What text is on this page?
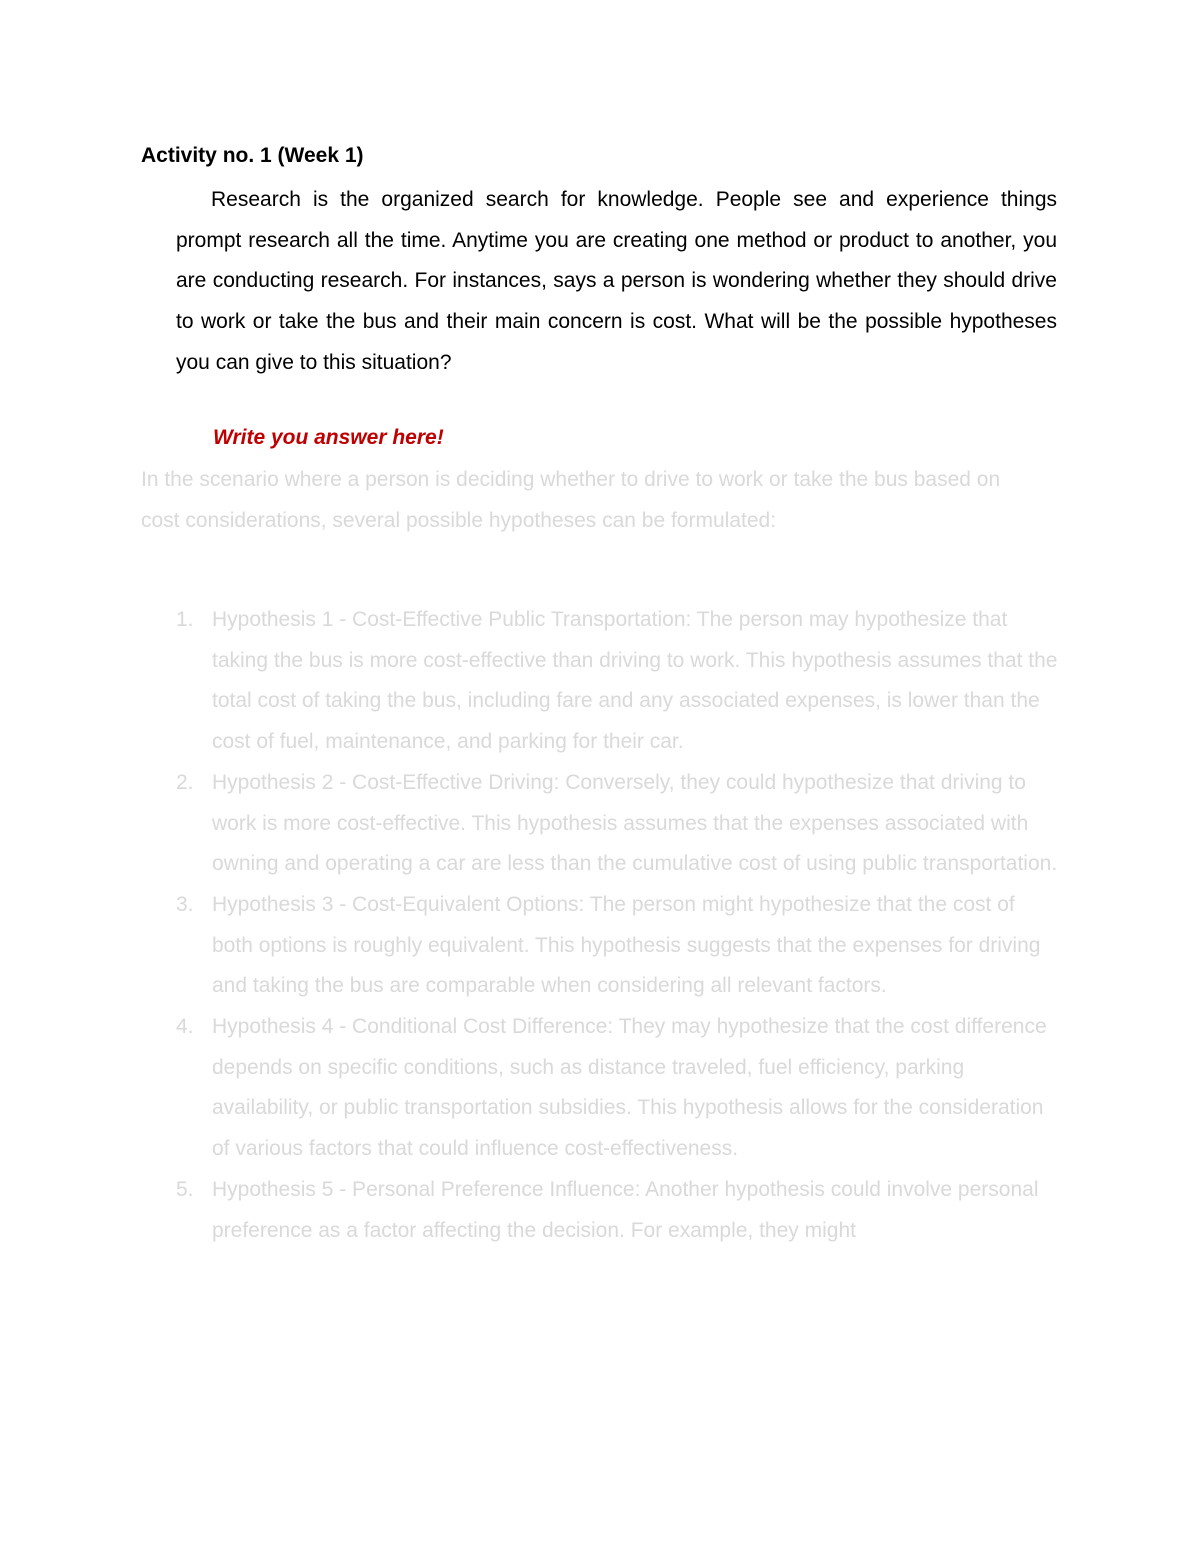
Activity no. 1 (Week 1)

Research is the organized search for knowledge. People see and experience things prompt research all the time. Anytime you are creating one method or product to another, you are conducting research. For instances, says a person is wondering whether they should drive to work or take the bus and their main concern is cost. What will be the possible hypotheses you can give to this situation?

Write you answer here!

In the scenario where a person is deciding whether to drive to work or take the bus based on cost considerations, several possible hypotheses can be formulated:

1. Hypothesis 1 - Cost-Effective Public Transportation: The person may hypothesize that taking the bus is more cost-effective than driving to work. This hypothesis assumes that the total cost of taking the bus, including fare and any associated expenses, is lower than the cost of fuel, maintenance, and parking for their car.
2. Hypothesis 2 - Cost-Effective Driving: Conversely, they could hypothesize that driving to work is more cost-effective. This hypothesis assumes that the expenses associated with owning and operating a car are less than the cumulative cost of using public transportation.
3. Hypothesis 3 - Cost-Equivalent Options: The person might hypothesize that the cost of both options is roughly equivalent. This hypothesis suggests that the expenses for driving and taking the bus are comparable when considering all relevant factors.
4. Hypothesis 4 - Conditional Cost Difference: They may hypothesize that the cost difference depends on specific conditions, such as distance traveled, fuel efficiency, parking availability, or public transportation subsidies. This hypothesis allows for the consideration of various factors that could influence cost-effectiveness.
5. Hypothesis 5 - Personal Preference Influence: Another hypothesis could involve personal preference as a factor affecting the decision. For example, they might
